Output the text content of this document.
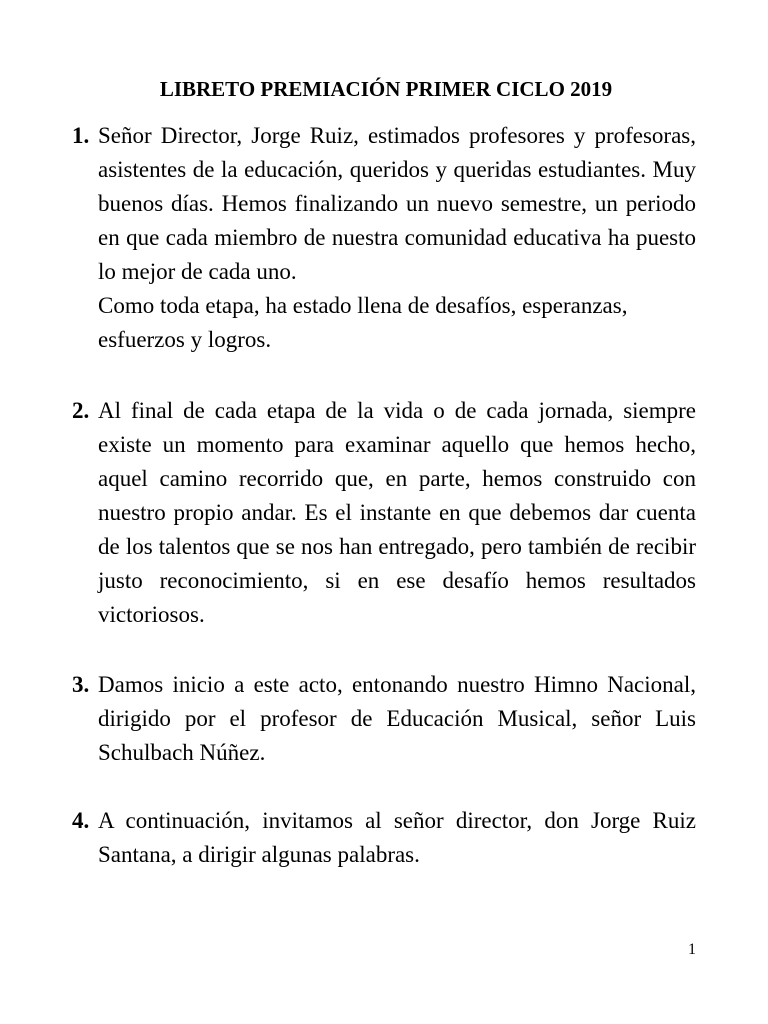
LIBRETO PREMIACIÓN PRIMER CICLO 2019
1. Señor Director, Jorge Ruiz, estimados profesores y profesoras, asistentes de la educación, queridos y queridas estudiantes. Muy buenos días. Hemos finalizando un nuevo semestre, un periodo en que cada miembro de nuestra comunidad educativa ha puesto lo mejor de cada uno.

Como toda etapa, ha estado llena de desafíos, esperanzas, esfuerzos y logros.

2. Al final de cada etapa de la vida o de cada jornada, siempre existe un momento para examinar aquello que hemos hecho, aquel camino recorrido que, en parte, hemos construido con nuestro propio andar. Es el instante en que debemos dar cuenta de los talentos que se nos han entregado, pero también de recibir justo reconocimiento, si en ese desafío hemos resultados victoriosos.

3. Damos inicio a este acto, entonando nuestro Himno Nacional, dirigido por el profesor de Educación Musical, señor Luis Schulbach Núñez.

4. A continuación, invitamos al señor director, don Jorge Ruiz Santana, a dirigir algunas palabras.

1
